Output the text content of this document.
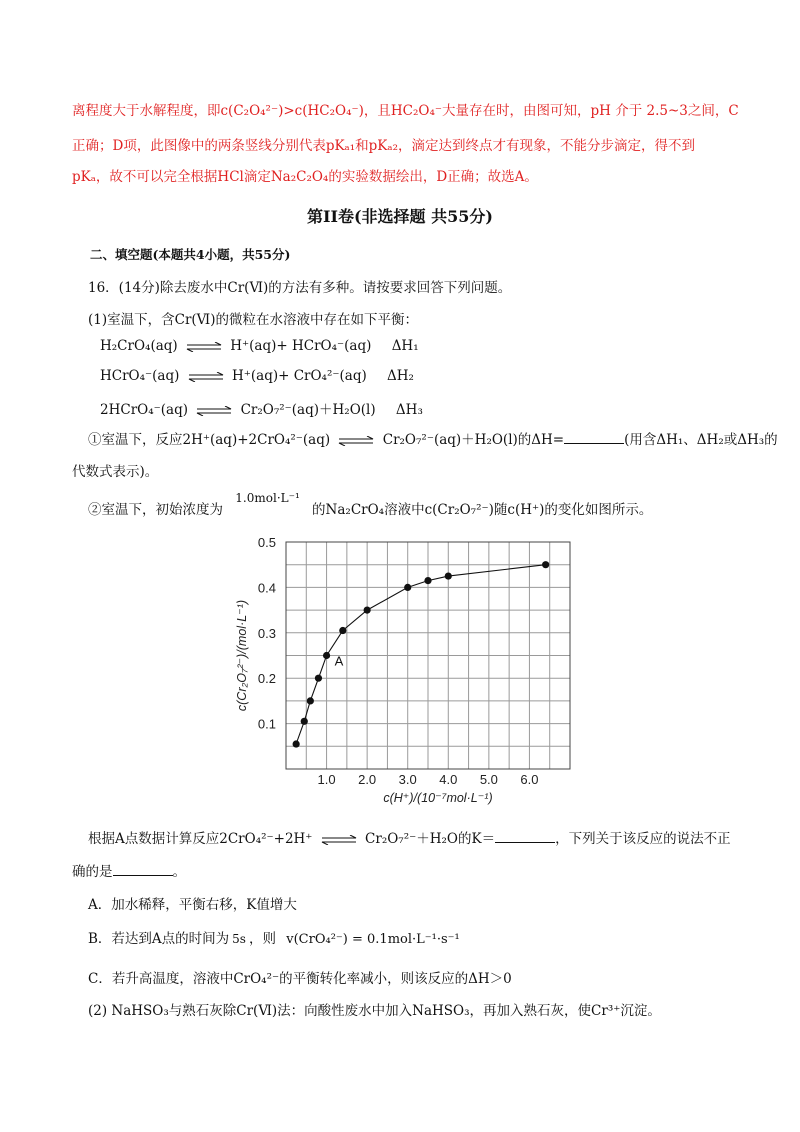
离程度大于水解程度，即c(C₂O₄²⁻)>c(HC₂O₄⁻)，且HC₂O₄⁻大量存在时，由图可知，pH 介于 2.5~3之间，C
正确；D项，此图像中的两条竖线分别代表pKₐ₁和pKₐ₂，滴定达到终点才有现象，不能分步滴定，得不到
pKₐ，故不可以完全根据HCl滴定Na₂C₂O₄的实验数据绘出，D正确；故选A。
第II卷(非选择题 共55分)
二、填空题(本题共4小题，共55分)
16．(14分)除去废水中Cr(Ⅵ)的方法有多种。请按要求回答下列问题。
(1)室温下，含Cr(Ⅵ)的微粒在水溶液中存在如下平衡：
H₂CrO₄(aq) ⇌ H⁺(aq)+ HCrO₄⁻(aq) ΔH₁
HCrO₄⁻(aq) ⇌ H⁺(aq)+ CrO₄²⁻(aq) ΔH₂
2HCrO₄⁻(aq) ⇌ Cr₂O₇²⁻(aq)＋H₂O(l) ΔH₃
①室温下，反应2H⁺(aq)+2CrO₄²⁻(aq) ⇌ Cr₂O₇²⁻(aq)＋H₂O(l)的ΔH=	(用含ΔH₁、ΔH₂或ΔH₃的
代数式表示)。
②室温下，初始浓度为 1.0mol·L⁻¹ 的Na₂CrO₄溶液中c(Cr₂O₇²⁻)随c(H⁺)的变化如图所示。
1.0 2.0 3.0 4.0 5.0 6.0
0.1
0.2
0.3
0.4
0.5
c(H⁺)/(10⁻⁷mol·L⁻¹)
c(Cr₂O₇²⁻)/(mol·L⁻¹)	A
根据A点数据计算反应2CrO₄²⁻+2H⁺ ⇌ Cr₂O₇²⁻＋H₂O的K＝	，下列关于该反应的说法不正
确的是	。
A．加水稀释，平衡右移，K值增大
B．若达到A点的时间为 5s ，则 v(CrO₄²⁻) = 0.1mol·L⁻¹·s⁻¹
C．若升高温度，溶液中CrO₄²⁻的平衡转化率减小，则该反应的ΔH＞0
(2) NaHSO₃与熟石灰除Cr(Ⅵ)法：向酸性废水中加入NaHSO₃，再加入熟石灰，使Cr³⁺沉淀。
